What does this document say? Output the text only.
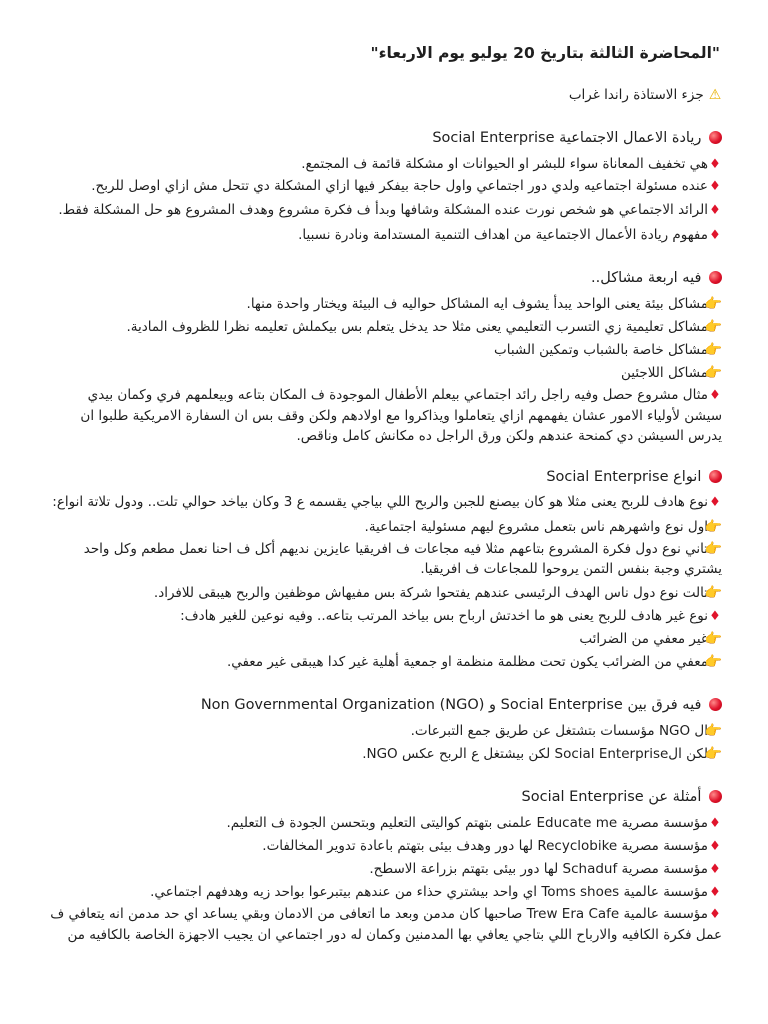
"المحاضرة الثالثة بتاريخ 20 يوليو يوم الاربعاء"

⚠ جزء الاستاذة راندا غراب

ريادة الاعمال الاجتماعية Social Enterprise

♦هي تخفيف المعاناة سواء للبشر او الحيوانات او مشكلة قائمة ف المجتمع.

♦عنده مسئولة اجتماعيه ولدي دور اجتماعي واول حاجة بيفكر فيها ازاي المشكلة دي تتحل مش ازاي اوصل للربح.

♦الرائد الاجتماعي هو شخص نورت عنده المشكلة وشافها وبدأ ف فكرة مشروع وهدف المشروع هو حل المشكلة فقط.

♦مفهوم ريادة الأعمال الاجتماعية من اهداف التنمية المستدامة ونادرة نسبيا.

فيه اربعة مشاكل..

👉مشاكل بيئة يعنى الواحد يبدأ يشوف ايه المشاكل حواليه ف البيئة ويختار واحدة منها.

👉مشاكل تعليمية زي التسرب التعليمي يعنى مثلا حد يدخل يتعلم بس بيكملش تعليمه نظرا للظروف المادية.

👉مشاكل خاصة بالشباب وتمكين الشباب

👉مشاكل اللاجئين

♦مثال مشروع حصل وفيه راجل رائد اجتماعي بيعلم الأطفال الموجودة ف المكان بتاعه وبيعلمهم فري وكمان بيدي سيشن لأولياء الامور عشان يفهمهم ازاي يتعاملوا ويذاكروا مع اولادهم ولكن وقف بس ان السفارة الامريكية طلبوا ان يدرس السيشن دي كمنحة عندهم ولكن ورق الراجل ده مكانش كامل وناقص.

انواع Social Enterprise

♦نوع هادف للربح يعنى مثلا هو كان بيصنع للجبن والربح اللي بياجي يقسمه ع 3 وكان بياخد حوالي تلت.. ودول تلاتة انواع:

👉اول نوع واشهرهم ناس بتعمل مشروع ليهم مسئولية اجتماعية.

👉تاني نوع دول فكرة المشروع بتاعهم مثلا فيه مجاعات ف افريقيا عايزين نديهم أكل ف احنا نعمل مطعم وكل واحد يشتري وجبة بنفس التمن يروحوا للمجاعات ف افريقيا.

👉تالت نوع دول ناس الهدف الرئيسى عندهم يفتحوا شركة بس مفيهاش موظفين والربح هيبقى للافراد.

♦نوع غير هادف للربح يعنى هو ما اخدتش ارباح بس بياخد المرتب بتاعه.. وفيه نوعين للغير هادف:

👉غير معفي من الضرائب

👉معفي من الضرائب يكون تحت مظلمة منظمة او جمعية أهلية غير كدا هيبقى غير معفي.

فيه فرق بين Social Enterprise و Non Governmental Organization (NGO)

👉ال NGO مؤسسات بتشتغل عن طريق جمع التبرعات.

👉لكن الSocial Enterprise لكن بيشتغل ع الربح عكس NGO.

أمثلة عن Social Enterprise

♦مؤسسة مصرية Educate me علمنى بتهتم كواليتى التعليم وبتحسن الجودة ف التعليم.

♦مؤسسة مصرية Recyclobike لها دور وهدف بيئى بتهتم باعادة تدوير المخالفات.

♦مؤسسة مصرية Schaduf لها دور بيئى بتهتم بزراعة الاسطح.

♦مؤسسة عالمية Toms shoes اي واحد بيشتري حذاء من عندهم بيتبرعوا بواحد زيه وهدفهم اجتماعي.

♦مؤسسة عالمية Trew Era Cafe صاحبها كان مدمن وبعد ما اتعافى من الادمان وبقي يساعد اي حد مدمن انه يتعافي ف عمل فكرة الكافيه والارباح اللي بتاجي يعافي بها المدمنين وكمان له دور اجتماعي ان يجيب الاجهزة الخاصة بالكافيه من
